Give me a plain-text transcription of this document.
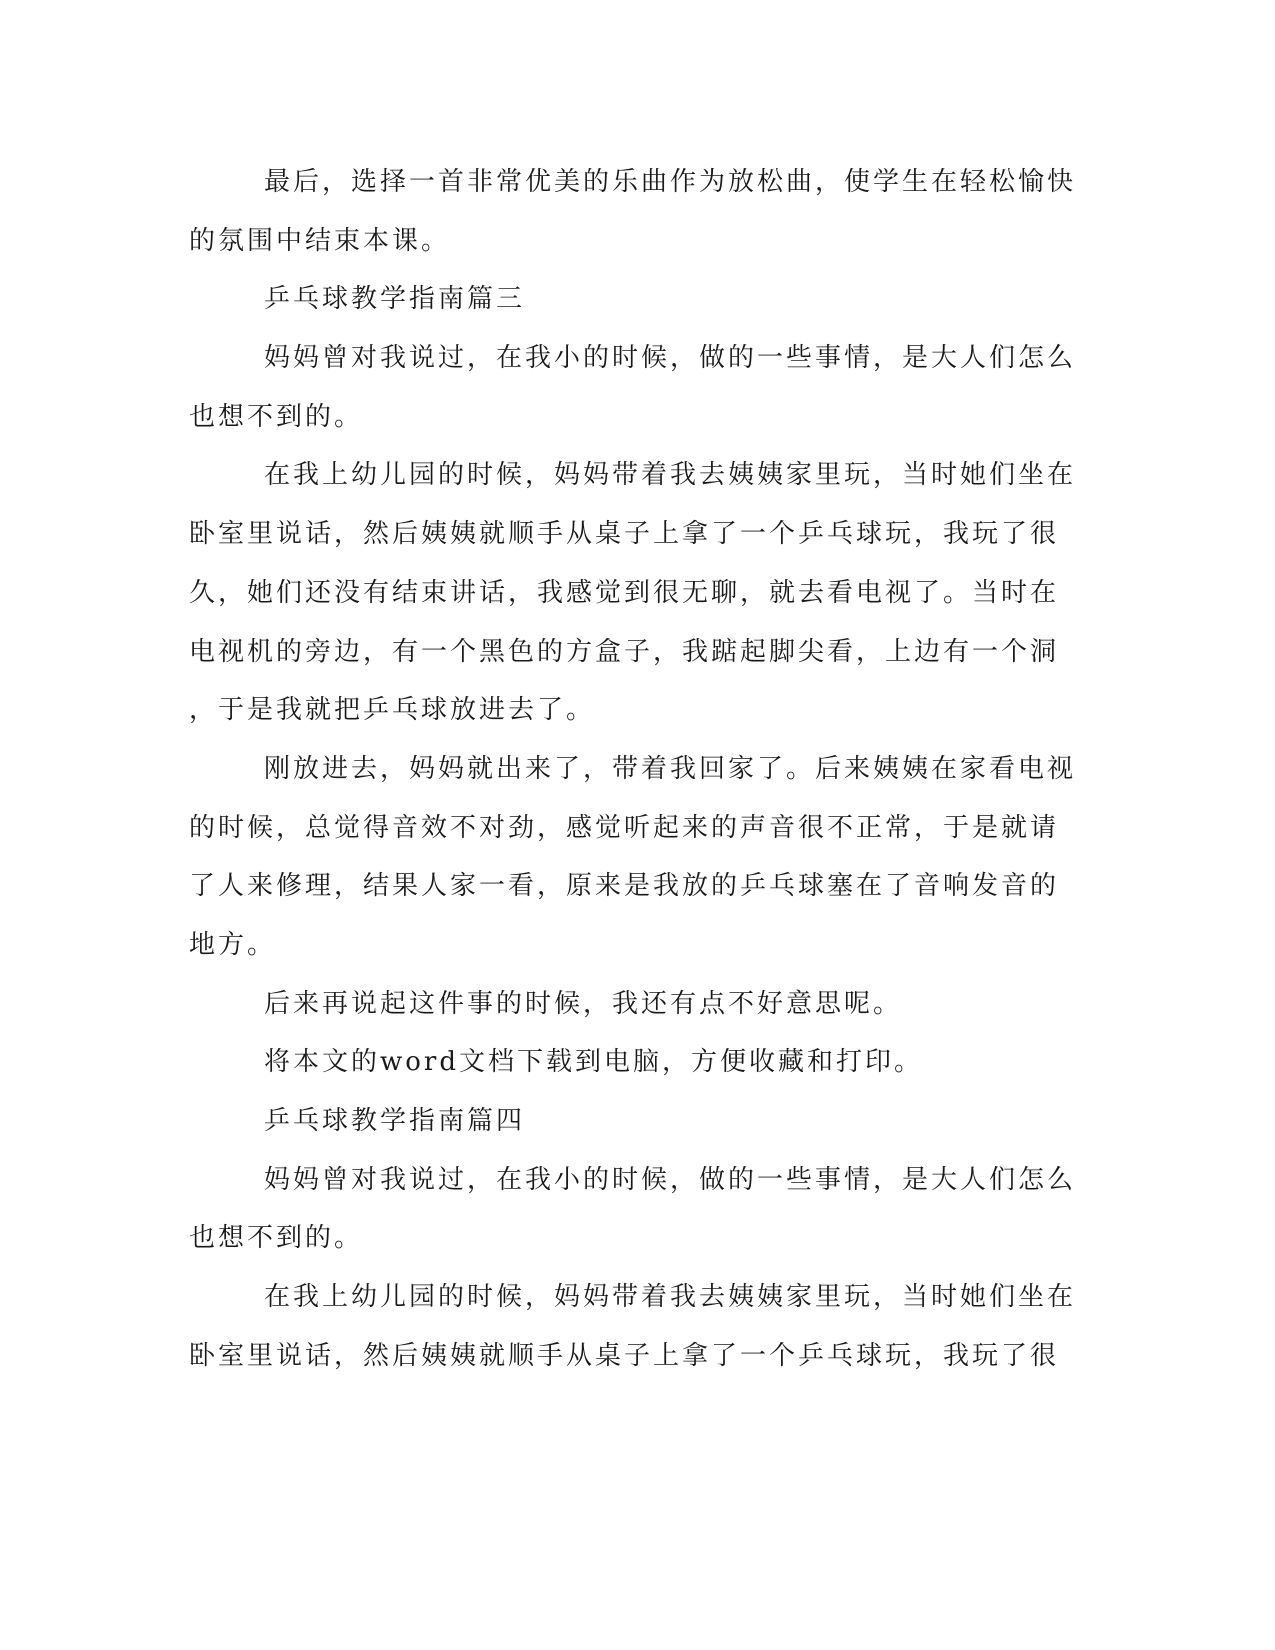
最后，选择一首非常优美的乐曲作为放松曲，使学生在轻松愉快
的氛围中结束本课。
乒乓球教学指南篇三
妈妈曾对我说过，在我小的时候，做的一些事情，是大人们怎么
也想不到的。
在我上幼儿园的时候，妈妈带着我去姨姨家里玩，当时她们坐在
卧室里说话，然后姨姨就顺手从桌子上拿了一个乒乓球玩，我玩了很
久，她们还没有结束讲话，我感觉到很无聊，就去看电视了。当时在
电视机的旁边，有一个黑色的方盒子，我踮起脚尖看，上边有一个洞
，于是我就把乒乓球放进去了。
刚放进去，妈妈就出来了，带着我回家了。后来姨姨在家看电视
的时候，总觉得音效不对劲，感觉听起来的声音很不正常，于是就请
了人来修理，结果人家一看，原来是我放的乒乓球塞在了音响发音的
地方。
后来再说起这件事的时候，我还有点不好意思呢。
将本文的word文档下载到电脑，方便收藏和打印。
乒乓球教学指南篇四
妈妈曾对我说过，在我小的时候，做的一些事情，是大人们怎么
也想不到的。
在我上幼儿园的时候，妈妈带着我去姨姨家里玩，当时她们坐在
卧室里说话，然后姨姨就顺手从桌子上拿了一个乒乓球玩，我玩了很
